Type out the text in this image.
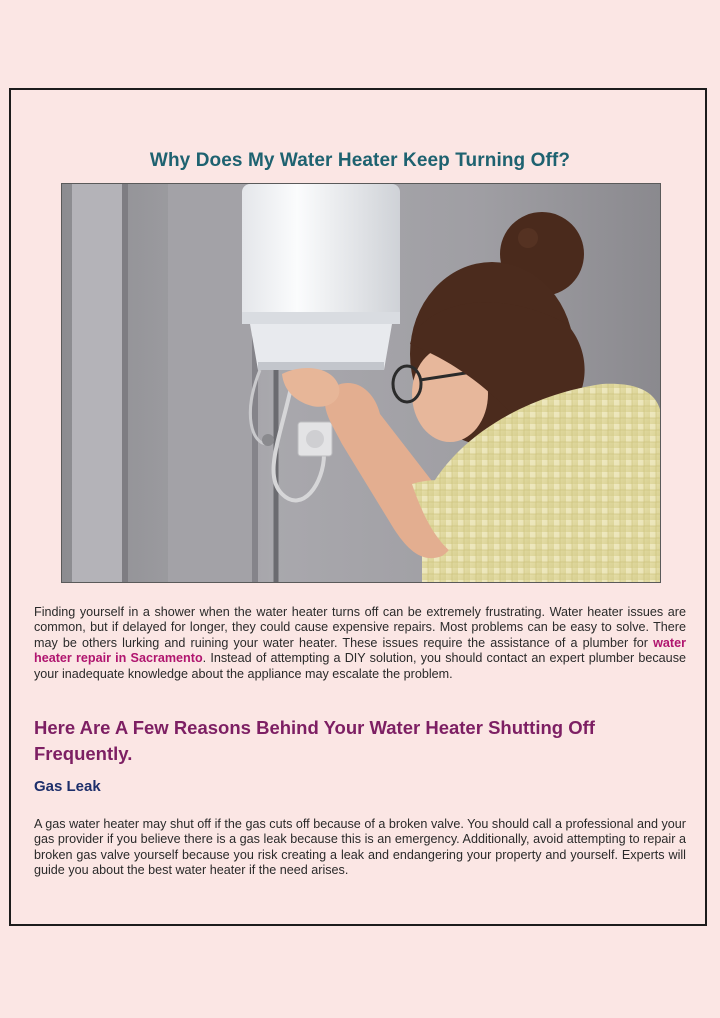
Why Does My Water Heater Keep Turning Off?

Finding yourself in a shower when the water heater turns off can be extremely frustrating. Water heater issues are common, but if delayed for longer, they could cause expensive repairs. Most problems can be easy to solve. There may be others lurking and ruining your water heater. These issues require the assistance of a plumber for water heater repair in Sacramento. Instead of attempting a DIY solution, you should contact an expert plumber because your inadequate knowledge about the appliance may escalate the problem.

Here Are A Few Reasons Behind Your Water Heater Shutting Off Frequently.
Gas Leak

A gas water heater may shut off if the gas cuts off because of a broken valve. You should call a professional and your gas provider if you believe there is a gas leak because this is an emergency. Additionally, avoid attempting to repair a broken gas valve yourself because you risk creating a leak and endangering your property and yourself. Experts will guide you about the best water heater if the need arises.
